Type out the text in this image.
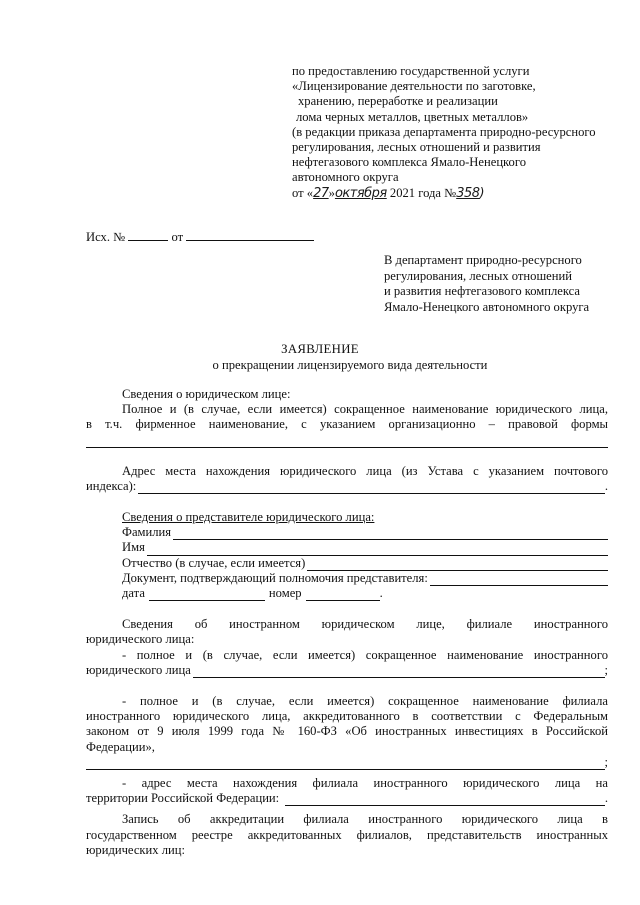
по предоставлению государственной услуги
«Лицензирование деятельности по заготовке,
хранению, переработке и реализации
лома черных металлов, цветных металлов»
(в редакции приказа департамента природно-ресурсного
регулирования, лесных отношений и развития
нефтегазового комплекса Ямало-Ненецкого
автономного округа
от «27»октября 2021 года №358)
Исх. №	от
В департамент природно-ресурсного
регулирования, лесных отношений
и развития нефтегазового комплекса
Ямало-Ненецкого автономного округа
ЗАЯВЛЕНИЕ
о прекращении лицензируемого вида деятельности

Сведения о юридическом лице:

Полное и (в случае, если имеется) сокращенное наименование юридического лица,

в т.ч. фирменное наименование, с указанием организационно – правовой формы

Адрес места нахождения юридического лица (из Устава с указанием почтового

индекса):	.

Сведения о представителе юридического лица:

Фамилия
Имя
Отчество (в случае, если имеется)
Документ, подтверждающий полномочия представителя:
дата	номер	.

Сведения об иностранном юридическом лице, филиале иностранного

юридического лица:

- полное и (в случае, если имеется) сокращенное наименование иностранного

юридического лица	;

- полное и (в случае, если имеется) сокращенное наименование филиала

иностранного юридического лица, аккредитованного в соответствии с Федеральным

законом от 9 июля 1999 года № 160-ФЗ «Об иностранных инвестициях в Российской

Федерации»,

;

- адрес места нахождения филиала иностранного юридического лица на

территории Российской Федерации:	.

Запись об аккредитации филиала иностранного юридического лица в

государственном реестре аккредитованных филиалов, представительств иностранных

юридических лиц:
